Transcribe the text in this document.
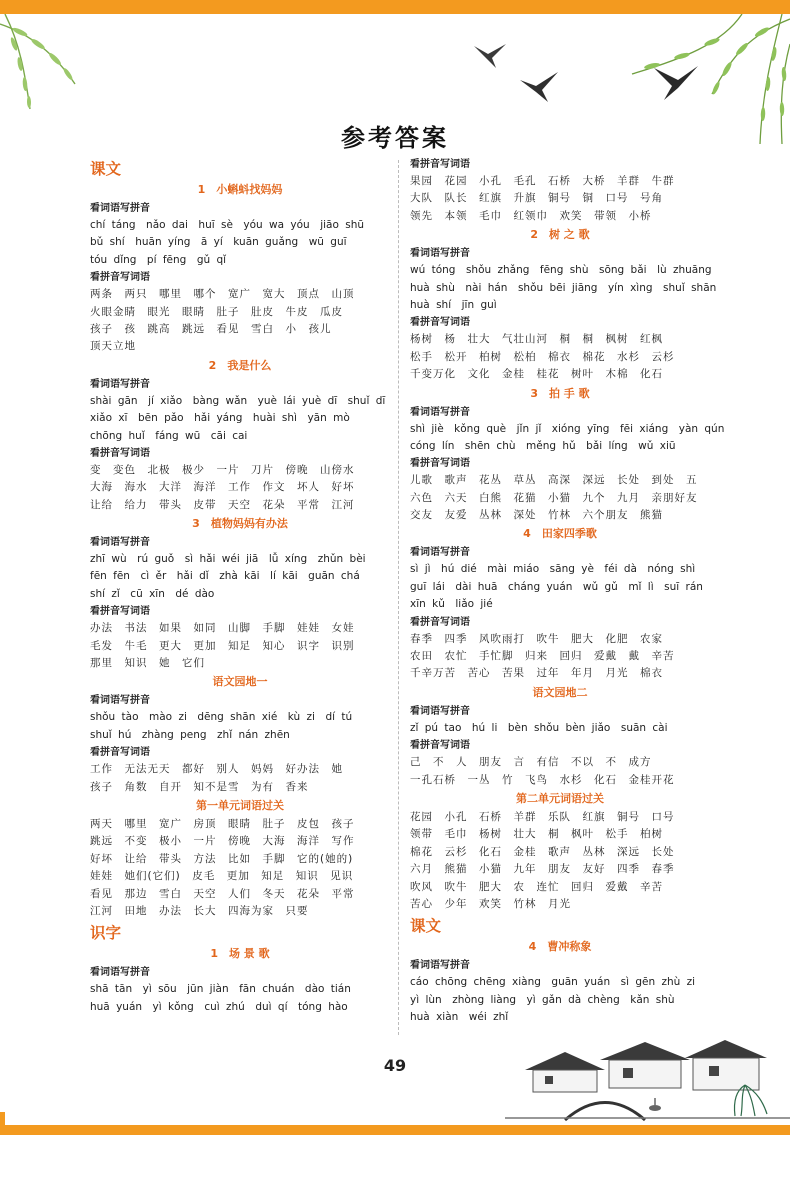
参考答案
课文
1　小蝌蚪找妈妈
看词语写拼音
chí táng　nǎo dai　huī sè　yóu wa yóu　jiāo shū
bǔ shí　huān yíng　ā yí　kuān guǎng　wū guī
tóu dǐng　pí fēng　gǔ qǐ
看拼音写词语
两条　两只　哪里　哪个　宽广　宽大　顶点　山顶
火眼金睛　眼光　眼睛　肚子　肚皮　牛皮　瓜皮
孩子　孩　跳高　跳远　看见　雪白　小　孩儿
顶天立地
2　我是什么
看词语写拼音
shài gān　jí xiǎo　bàng wǎn　yuè lái yuè dī　shuǐ dī
xiǎo xī　bēn pǎo　hǎi yáng　huài shì　yān mò
chōng huǐ　fáng wū　cāi cai
看拼音写词语
变　变色　北极　极少　一片　刀片　傍晚　山傍水
大海　海水　大洋　海洋　工作　作文　坏人　好坏
让给　给力　带头　皮带　天空　花朵　平常　江河
3　植物妈妈有办法
看词语写拼音
zhī wù　rú guǒ　sì hǎi wéi jiā　lǚ xíng　zhǔn bèi
fēn fēn　cì ěr　hǎi dǐ　zhà kāi　lí kāi　guān chá
shí zǐ　cū xīn　dé dào
看拼音写词语
办法　书法　如果　如同　山脚　手脚　娃娃　女娃
毛发　牛毛　更大　更加　知足　知心　识字　识别
那里　知识　她　它们
语文园地一
看词语写拼音
shǒu tào　mào zi　dēng shān xié　kù zi　dí tú
shuǐ hú　zhàng peng　zhǐ nán zhēn
看拼音写词语
工作　无法无天　都好　别人　妈妈　好办法　她
孩子　角数　自开　知不是雪　为有　香来
第一单元词语过关
两天　哪里　宽广　房顶　眼睛　肚子　皮包　孩子
跳远　不变　极小　一片　傍晚　大海　海洋　写作
好坏　让给　带头　方法　比如　手脚　它的(她的)
娃娃　她们(它们)　皮毛　更加　知足　知识　见识
看见　那边　雪白　天空　人们　冬天　花朵　平常
江河　田地　办法　长大　四海为家　只要
识字
1　场 景 歌
看词语写拼音
shā tān　yì sōu　jūn jiàn　fān chuán　dào tián
huā yuán　yì kǒng　cuì zhú　duì qí　tóng hào
看拼音写词语
果园　花园　小孔　毛孔　石桥　大桥　羊群　牛群
大队　队长　红旗　升旗　铜号　铜　口号　号角
领先　本领　毛巾　红领巾　欢笑　带领　小桥
2　树 之 歌
看词语写拼音
wú tóng　shǒu zhǎng　fēng shù　sōng bǎi　lù zhuāng
huà shù　nài hán　shǒu bēi jiāng　yín xìng　shuǐ shān
huà shí　jīn guì
看拼音写词语
杨树　杨　壮大　气壮山河　桐　桐　枫树　红枫
松手　松开　柏树　松柏　棉衣　棉花　水杉　云杉
千变万化　文化　金桂　桂花　树叶　木棉　化石
3　拍 手 歌
看词语写拼音
shì jiè　kǒng què　jǐn jǐ　xióng yīng　fēi xiáng　yàn qún
cóng lín　shēn chù　měng hǔ　bǎi líng　wǔ xiū
看拼音写词语
儿歌　歌声　花丛　草丛　高深　深远　长处　到处　五
六色　六天　白熊　花猫　小猫　九个　九月　亲朋好友
交友　友爱　丛林　深处　竹林　六个朋友　熊猫
4　田家四季歌
看词语写拼音
sì jì　hú dié　mài miáo　sāng yè　féi dà　nóng shì
guī lái　dài huā　cháng yuán　wǔ gǔ　mǐ lì　suī rán
xīn kǔ　liǎo jié
看拼音写词语
春季　四季　风吹雨打　吹牛　肥大　化肥　农家
农田　农忙　手忙脚　归来　回归　爱戴　戴　辛苦
千辛万苦　苦心　苦果　过年　年月　月光　棉衣
语文园地二
看词语写拼音
zǐ pú tao　hú li　bèn shǒu bèn jiǎo　suān cài
看拼音写词语
己　不　人　朋友　言　有信　不以　不　成方
一孔石桥　一丛　竹　飞鸟　水杉　化石　金桂开花
第二单元词语过关
花园　小孔　石桥　羊群　乐队　红旗　铜号　口号
领带　毛巾　杨树　壮大　桐　枫叶　松手　柏树
棉花　云杉　化石　金桂　歌声　丛林　深远　长处
六月　熊猫　小猫　九年　朋友　友好　四季　春季
吹风　吹牛　肥大　农　连忙　回归　爱戴　辛苦
苦心　少年　欢笑　竹林　月光
课文
4　曹冲称象
看词语写拼音
cáo chōng chēng xiàng　guān yuán　sì gēn zhù zi
yì lùn　zhòng liàng　yì gǎn dà chèng　kǎn shù
huà xiàn　wéi zhǐ
49
